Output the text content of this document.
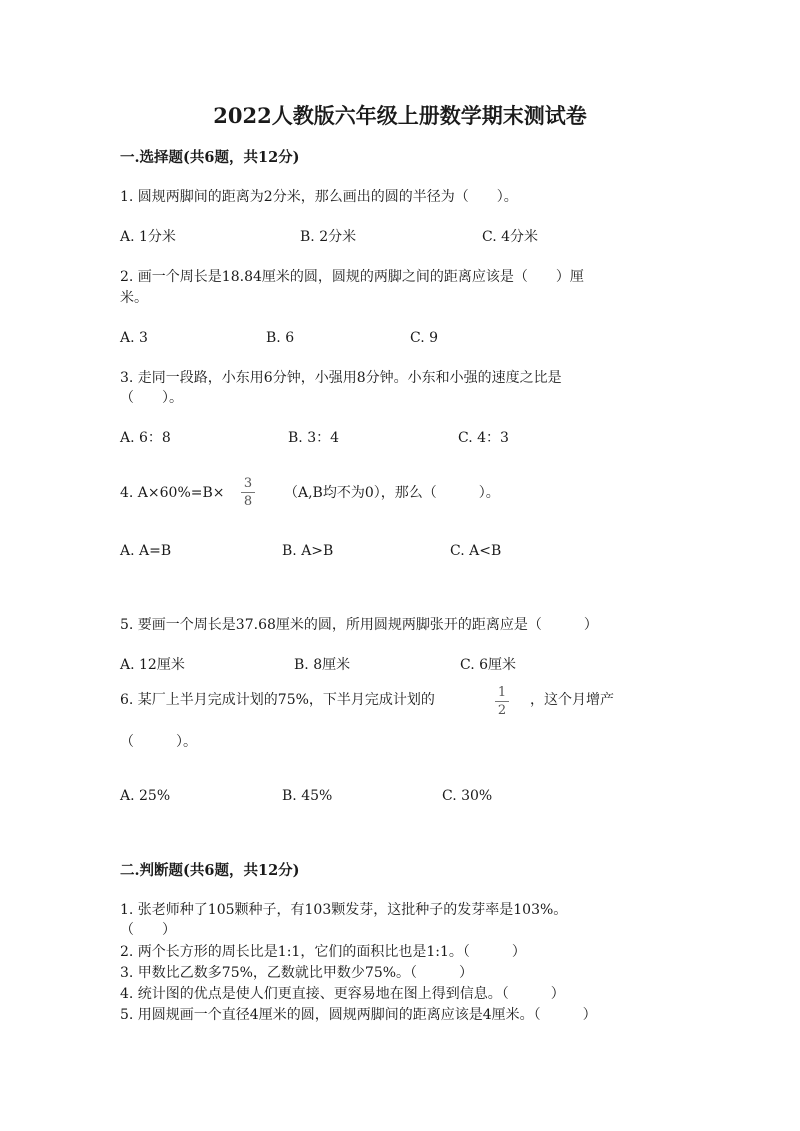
2022人教版六年级上册数学期末测试卷
一.选择题(共6题，共12分)
1. 圆规两脚间的距离为2分米，那么画出的圆的半径为（　　）。
A. 1分米	B. 2分米	C. 4分米
2. 画一个周长是18.84厘米的圆，圆规的两脚之间的距离应该是（　　）厘
米。
A. 3	B. 6	C. 9
3. 走同一段路，小东用6分钟，小强用8分钟。小东和小强的速度之比是
（　　）。
A. 6：8	B. 3：4	C. 4：3
4. A×60%=B×
3
8
（A,B均不为0），那么（　　　）。
A. A=B	B. A>B	C. A<B
5. 要画一个周长是37.68厘米的圆，所用圆规两脚张开的距离应是（　　　）
A. 12厘米	B. 8厘米	C. 6厘米
6. 某厂上半月完成计划的75%，下半月完成计划的	1
2
，这个月增产
（　　　）。
A. 25%	B. 45%	C. 30%
二.判断题(共6题，共12分)
1. 张老师种了105颗种子，有103颗发芽，这批种子的发芽率是103%。
（　　）
2. 两个长方形的周长比是1:1，它们的面积比也是1:1。（　　　）
3. 甲数比乙数多75%，乙数就比甲数少75%。（　　　）
4. 统计图的优点是使人们更直接、更容易地在图上得到信息。（　　　）
5. 用圆规画一个直径4厘米的圆，圆规两脚间的距离应该是4厘米。（　　　）
